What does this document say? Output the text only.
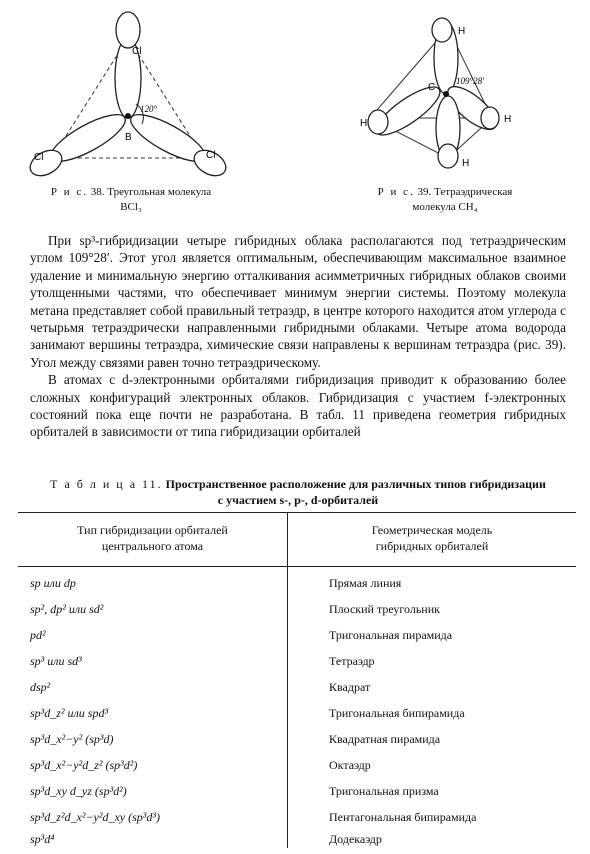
Cl
Cl	Cl
B
120°
Р и с. 38. Треугольная молекула
BCl₃
H
H	H
H
C
109°28′
Р и с. 39. Тетраэдрическая
молекула CH₄

При sp³-гибридизации четыре гибридных облака располагаются под тетраэдрическим углом 109°28′. Этот угол является оптимальным, обеспечивающим максимальное взаимное удаление и минимальную энергию отталкивания асимметричных гибридных облаков своими утолщенными частями, что обеспечивает минимум энергии системы. Поэтому молекула метана представляет собой правильный тетраэдр, в центре которого находится атом углерода с четырьмя тетраэдрически направленными гибридными облаками. Четыре атома водорода занимают вершины тетраэдра, химические связи направлены к вершинам тетраэдра (рис. 39). Угол между связями равен точно тетраэдрическому.

В атомах с d-электронными орбиталями гибридизация приводит к образованию более сложных конфигураций электронных облаков. Гибридизация с участием f-электронных состояний пока еще почти не разработана. В табл. 11 приведена геометрия гибридных орбиталей в зависимости от типа гибридизации орбиталей

Т а б л и ц а 11. Пространственное расположение для различных типов гибридизации
с участием s-, p-, d-орбиталей
Тип гибридизации орбиталей
центрального атома
Геометрическая модель
гибридных орбиталей
sp или dp	Прямая линия
sp², dp² или sd²	Плоский треугольник
pd²	Тригональная пирамида
sp³ или sd³	Тетраэдр
dsp²	Квадрат
sp³d_z² или spd³	Тригональная бипирамида
sp³d_x²−y² (sp³d)	Квадратная пирамида
sp³d_x²−y²d_z² (sp³d²)	Октаэдр
sp³d_xy d_yz (sp³d²)	Тригональная призма
sp³d_z²d_x²−y²d_xy (sp³d³)	Пентагональная бипирамида
sp³d⁴	Додекаэдр
